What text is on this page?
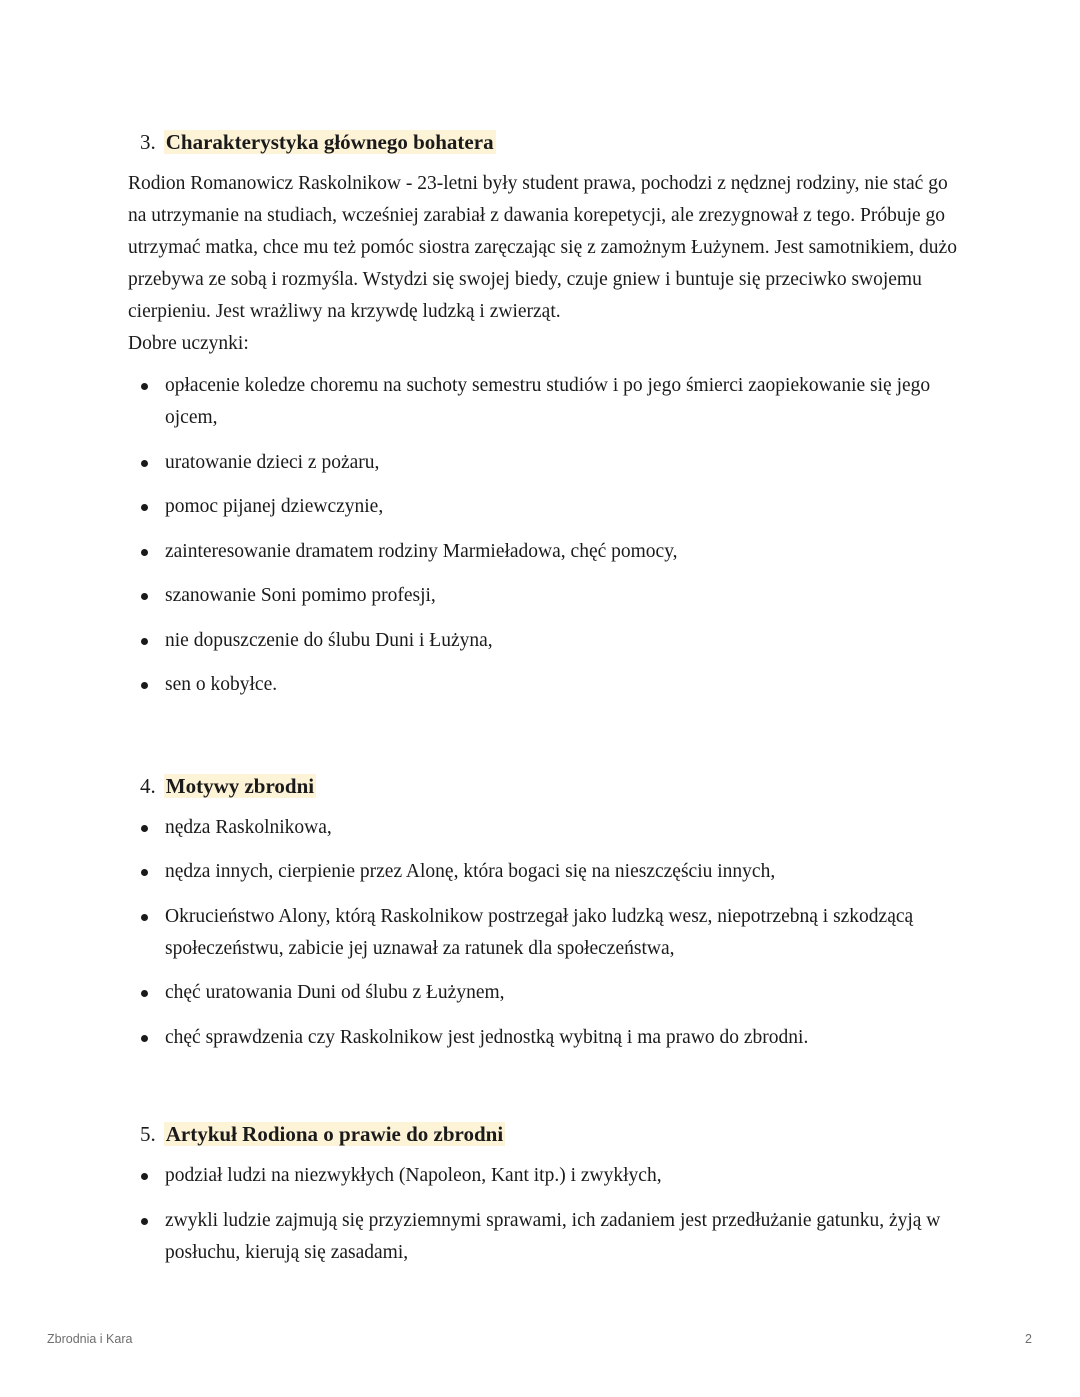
3. Charakterystyka głównego bohatera

Rodion Romanowicz Raskolnikow - 23-letni były student prawa, pochodzi z nędznej rodziny, nie stać go na utrzymanie na studiach, wcześniej zarabiał z dawania korepetycji, ale zrezygnował z tego. Próbuje go utrzymać matka, chce mu też pomóc siostra zaręczając się z zamożnym Łużynem. Jest samotnikiem, dużo przebywa ze sobą i rozmyśla. Wstydzi się swojej biedy, czuje gniew i buntuje się przeciwko swojemu cierpieniu. Jest wrażliwy na krzywdę ludzką i zwierząt.

Dobre uczynki:

opłacenie koledze choremu na suchoty semestru studiów i po jego śmierci zaopiekowanie się jego ojcem,
uratowanie dzieci z pożaru,
pomoc pijanej dziewczynie,
zainteresowanie dramatem rodziny Marmieładowa, chęć pomocy,
szanowanie Soni pomimo profesji,
nie dopuszczenie do ślubu Duni i Łużyna,
sen o kobyłce.
4. Motywy zbrodni
nędza Raskolnikowa,
nędza innych, cierpienie przez Alonę, która bogaci się na nieszczęściu innych,
Okrucieństwo Alony, którą Raskolnikow postrzegał jako ludzką wesz, niepotrzebną i szkodzącą społeczeństwu, zabicie jej uznawał za ratunek dla społeczeństwa,
chęć uratowania Duni od ślubu z Łużynem,
chęć sprawdzenia czy Raskolnikow jest jednostką wybitną i ma prawo do zbrodni.
5. Artykuł Rodiona o prawie do zbrodni
podział ludzi na niezwykłych (Napoleon, Kant itp.) i zwykłych,
zwykli ludzie zajmują się przyziemnymi sprawami, ich zadaniem jest przedłużanie gatunku, żyją w posłuchu, kierują się zasadami,
Zbrodnia i Kara	2
